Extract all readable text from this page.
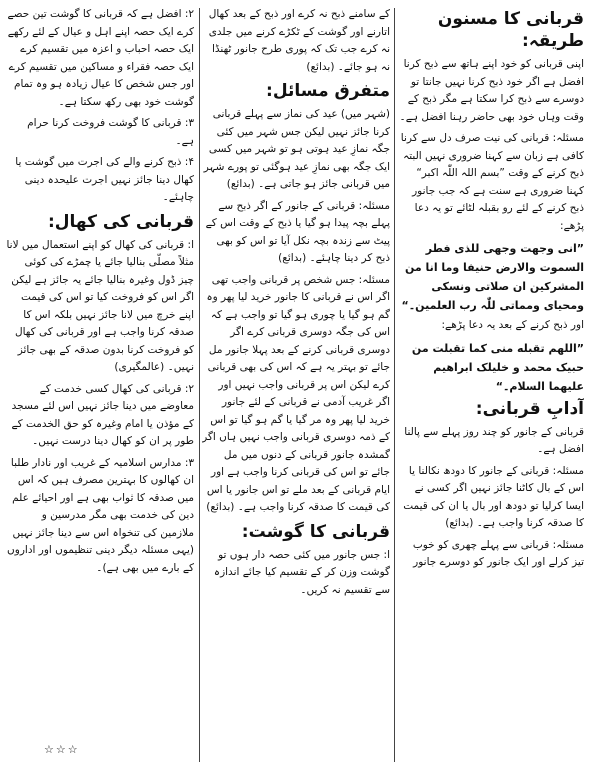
قربانی کا مسنون طریقہ:

اپنی قربانی کو خود اپنے ہاتھ سے ذبح کرنا افضل ہے اگر خود ذبح کرنا نہیں جانتا تو دوسرے سے ذبح کرا سکتا ہے مگر ذبح کے وقت وہاں خود بھی حاضر رہنا افضل ہے۔

مسئلہ: قربانی کی نیت صرف دل سے کرنا کافی ہے زبان سے کہنا ضروری نہیں البتہ ذبح کرنے کے وقت ”بسم اللہ اللّٰہ اکبر“ کہنا ضروری ہے سنت ہے کہ جب جانور ذبح کرنے کے لئے رو بقبلہ لٹائے تو یہ دعا پڑھے:

”انی وجهت وجهی للذی فطر السموت والارض حنیفا وما انا من المشرکین ان صلاتی ونسکی ومحیای ومماتی للّٰہ رب العلمین۔“

اور ذبح کرنے کے بعد یہ دعا پڑھے:

”اللهم تقبله منی کما تقبلت من حبیک محمد و خلیلک ابراهیم علیهما السلام۔“

آدابِ قربانی:

قربانی کے جانور کو چند روز پہلے سے پالنا افضل ہے۔

مسئلہ: قربانی کے جانور کا دودھ نکالنا یا اس کے بال کاٹنا جائز نہیں اگر کسی نے ایسا کرلیا تو دودھ اور بال یا ان کی قیمت کا صدقہ کرنا واجب ہے۔ (بدائع)

مسئلہ: قربانی سے پہلے چھری کو خوب تیز کرلے اور ایک جانور کو دوسرے جانور

کے سامنے ذبح نہ کرے اور ذبح کے بعد کھال اتارنے اور گوشت کے ٹکڑے کرنے میں جلدی نہ کرے جب تک کہ پوری طرح جانور ٹھنڈا نہ ہو جائے۔ (بدائع)

متفرق مسائل:

(شہر میں) عید کی نماز سے پہلے قربانی کرنا جائز نہیں لیکن جس شہر میں کئی جگہ نمازِ عید ہوتی ہو تو شہر میں کسی ایک جگہ بھی نمازِ عید ہوگئی تو پورے شہر میں قربانی جائز ہو جاتی ہے۔ (بدائع)

مسئلہ: قربانی کے جانور کے اگر ذبح سے پہلے بچہ پیدا ہو گیا یا ذبح کے وقت اس کے پیٹ سے زندہ بچہ نکل آیا تو اس کو بھی ذبح کر دینا چاہئے۔ (بدائع)

مسئلہ: جس شخص پر قربانی واجب تھی اگر اس نے قربانی کا جانور خرید لیا پھر وہ گم ہو گیا یا چوری ہو گیا تو واجب ہے کہ اس کی جگہ دوسری قربانی کرے اگر دوسری قربانی کرنے کے بعد پہلا جانور مل جائے تو بہتر یہ ہے کہ اس کی بھی قربانی کرے لیکن اس پر قربانی واجب نہیں اور اگر غریب آدمی نے قربانی کے لئے جانور خرید لیا پھر وہ مر گیا یا گم ہو گیا تو اس کے ذمہ دوسری قربانی واجب نہیں ہاں اگر گمشدہ جانور قربانی کے دنوں میں مل جائے تو اس کی قربانی کرنا واجب ہے اور ایام قربانی کے بعد ملے تو اس جانور یا اس کی قیمت کا صدقہ کرنا واجب ہے۔ (بدائع)

قربانی کا گوشت:

ا: جس جانور میں کئی حصہ دار ہوں تو گوشت وزن کر کے تقسیم کیا جائے اندازہ سے تقسیم نہ کریں۔

۲: افضل ہے کہ قربانی کا گوشت تین حصے کرے ایک حصہ اپنے اہل و عیال کے لئے رکھے ایک حصہ احباب و اعزہ میں تقسیم کرے ایک حصہ فقراء و مساکین میں تقسیم کرے اور جس شخص کا عیال زیادہ ہو وہ تمام گوشت خود بھی رکھ سکتا ہے۔

۳: قربانی کا گوشت فروخت کرنا حرام ہے۔

۴: ذبح کرنے والے کی اجرت میں گوشت یا کھال دینا جائز نہیں اجرت علیحدہ دینی چاہئے۔

قربانی کی کھال:

ا: قربانی کی کھال کو اپنے استعمال میں لانا مثلاً مصلّی بنالیا جائے یا چمڑے کی کوئی چیز ڈول وغیرہ بنالیا جائے یہ جائز ہے لیکن اگر اس کو فروخت کیا تو اس کی قیمت اپنے خرچ میں لانا جائز نہیں بلکہ اس کا صدقہ کرنا واجب ہے اور قربانی کی کھال کو فروخت کرنا بدون صدقہ کے بھی جائز نہیں۔ (عالمگیری)

۲: قربانی کی کھال کسی خدمت کے معاوضے میں دینا جائز نہیں اس لئے مسجد کے مؤذن یا امام وغیرہ کو حق الخدمت کے طور پر ان کو کھال دینا درست نہیں۔

۳: مدارس اسلامیہ کے غریب اور نادار طلبا ان کھالوں کا بہترین مصرف ہیں کہ اس میں صدقہ کا ثواب بھی ہے اور احیائے علم دین کی خدمت بھی مگر مدرسین و ملازمین کی تنخواہ اس سے دینا جائز نہیں (یہی مسئلہ دیگر دینی تنظیموں اور اداروں کے بارے میں بھی ہے)۔

☆☆☆
